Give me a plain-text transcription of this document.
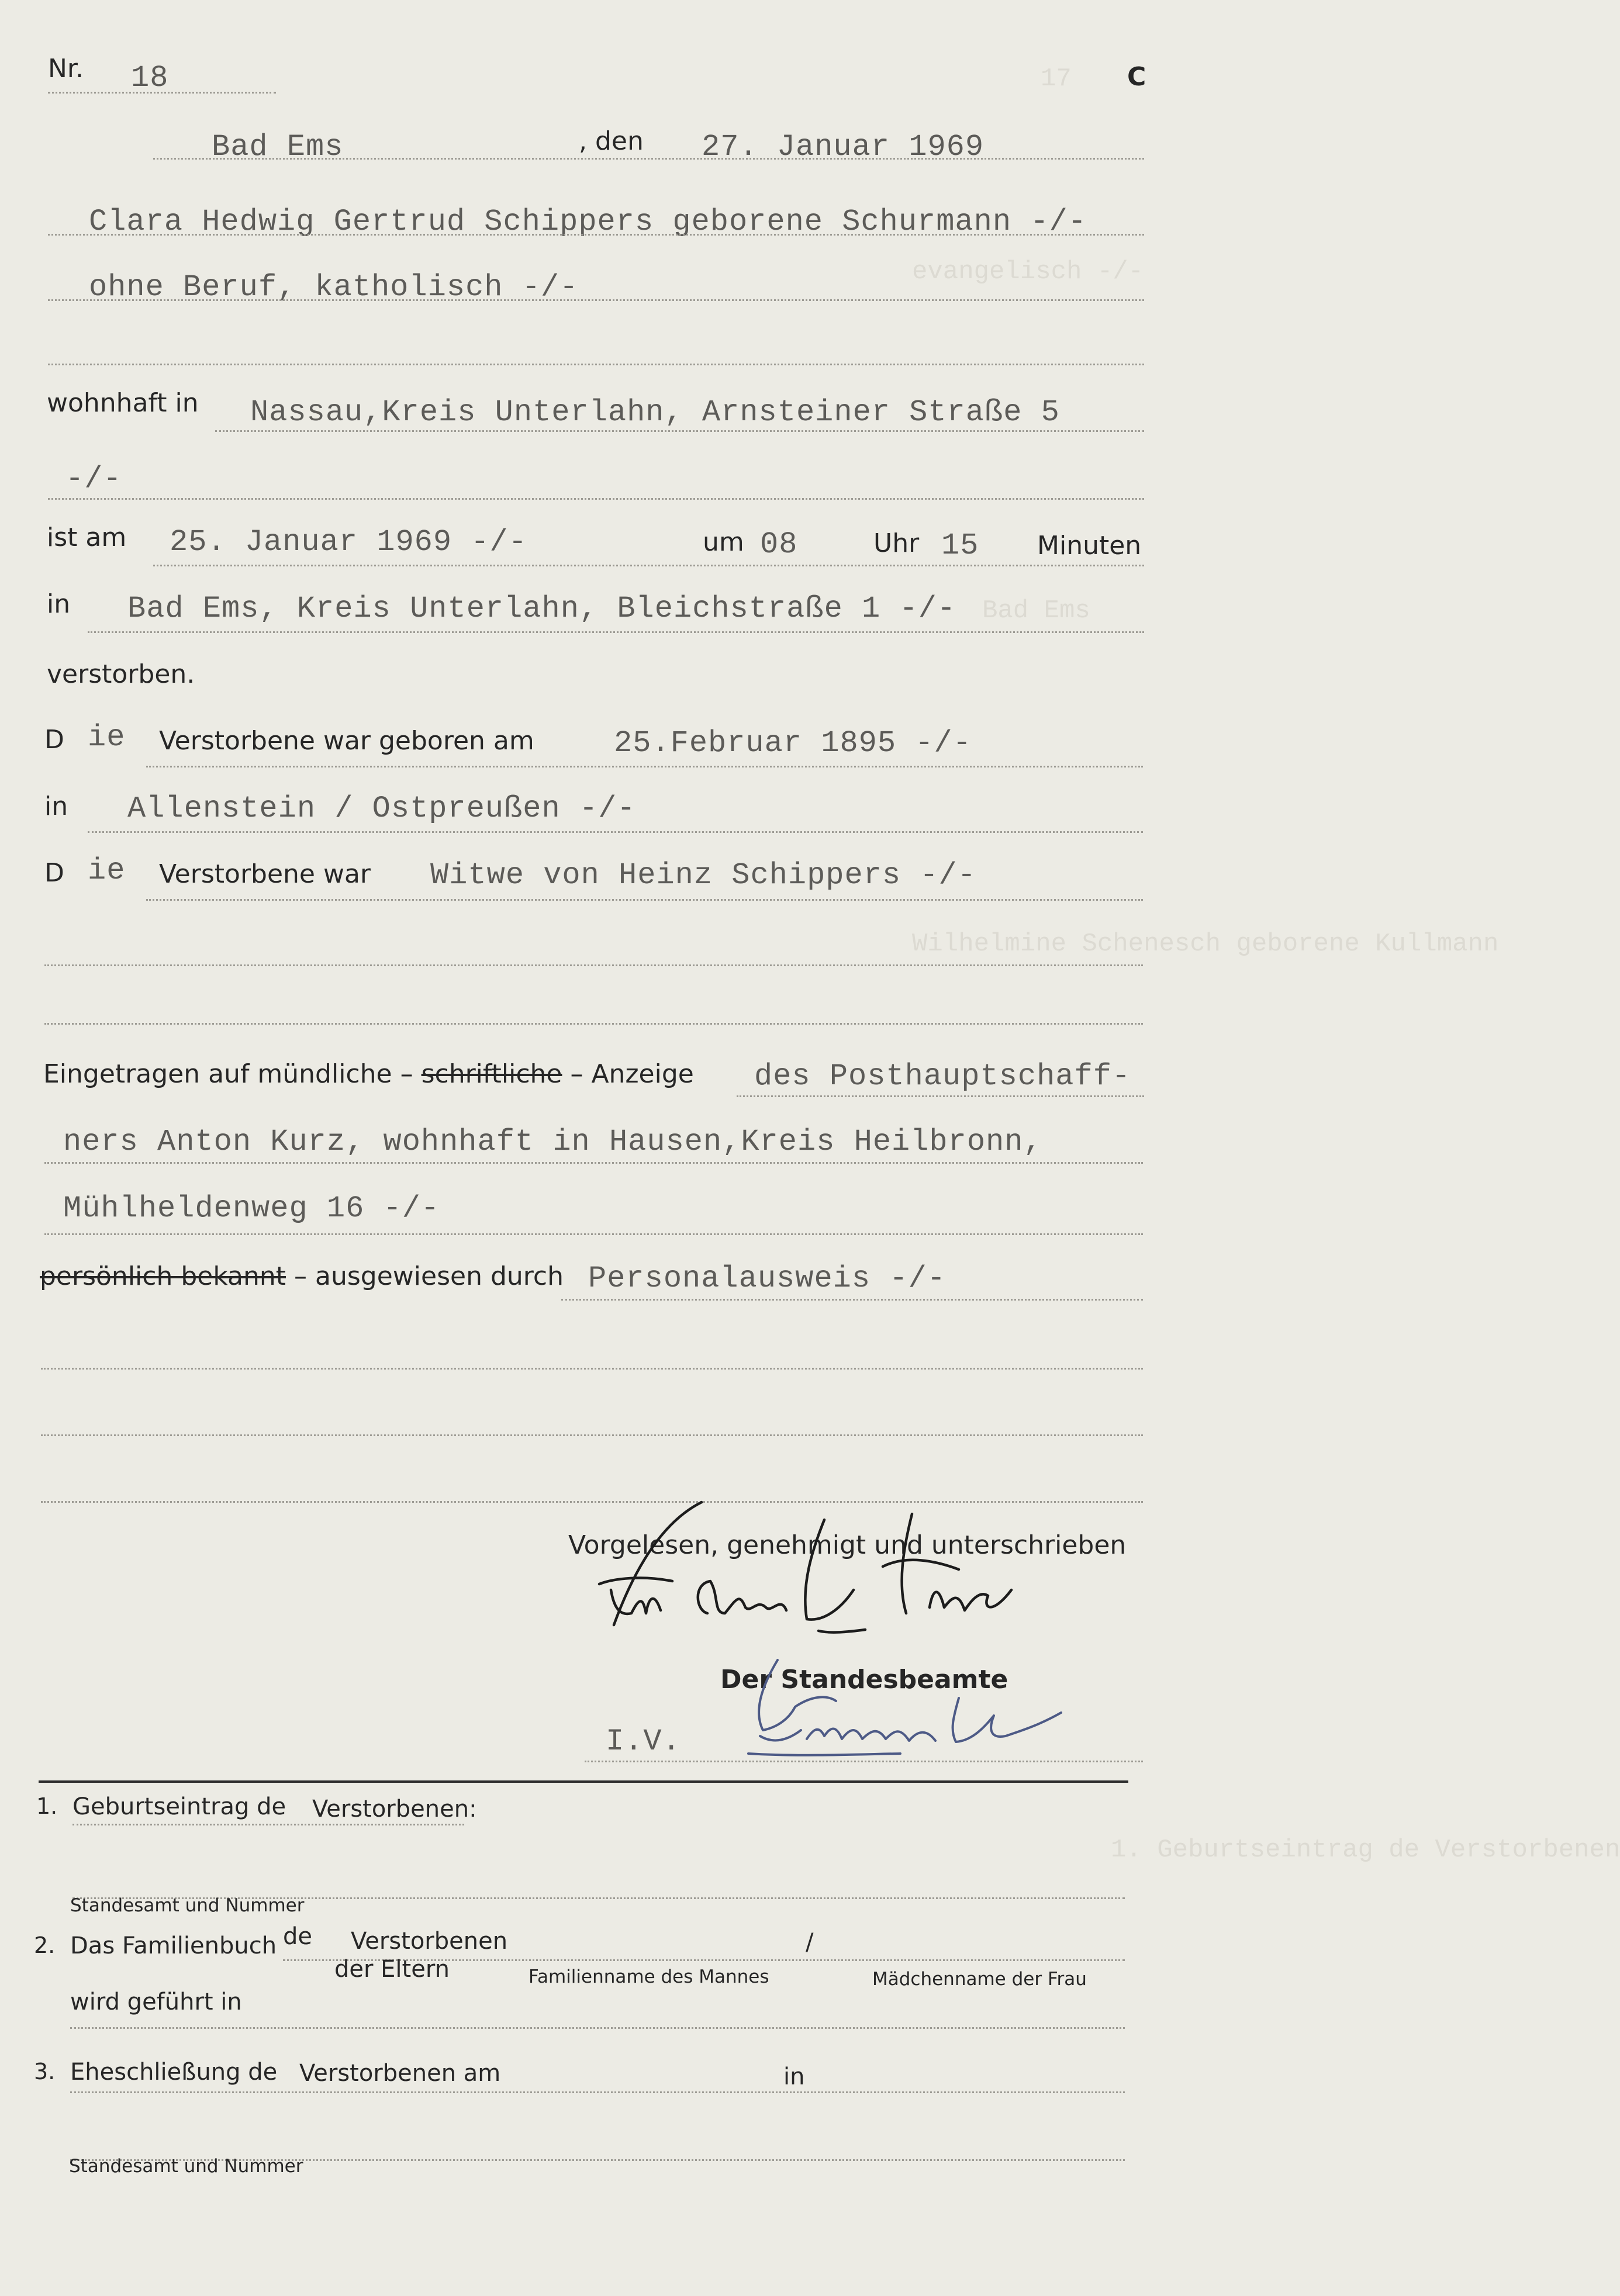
17
evangelisch -/-
Bad Ems
Wilhelmine Schenesch geborene Kullmann
1. Geburtseintrag de Verstorbenen
Nr. 18	C
Bad Ems	, den 27. Januar 1969
Clara Hedwig Gertrud Schippers geborene Schurmann -/-
ohne Beruf, katholisch -/-
wohnhaft in Nassau,Kreis Unterlahn, Arnsteiner Straße 5
-/-
ist am 25. Januar 1969 -/-	um 08	Uhr 15 Minuten
in Bad Ems, Kreis Unterlahn, Bleichstraße 1 -/-
verstorben.
D ie Verstorbene war geboren am	25.Februar 1895 -/-
in Allenstein / Ostpreußen -/-
D ie Verstorbene war Witwe von Heinz Schippers -/-
Eingetragen auf mündliche – schriftliche – Anzeige des Posthauptschaff-
ners Anton Kurz, wohnhaft in Hausen,Kreis Heilbronn,
Mühlheldenweg 16 -/-
persönlich bekannt – ausgewiesen durch Personalausweis -/-
Vorgelesen, genehmigt und unterschrieben
Der Standesbeamte
I.V.
1. Geburtseintrag de Verstorbenen:
Standesamt und Nummer
2. Das Familienbuch de Verstorbenen	/
der Eltern	Familienname des Mannes	Mädchenname der Frau
wird geführt in
3. Eheschließung de Verstorbenen am	in
Standesamt und Nummer
